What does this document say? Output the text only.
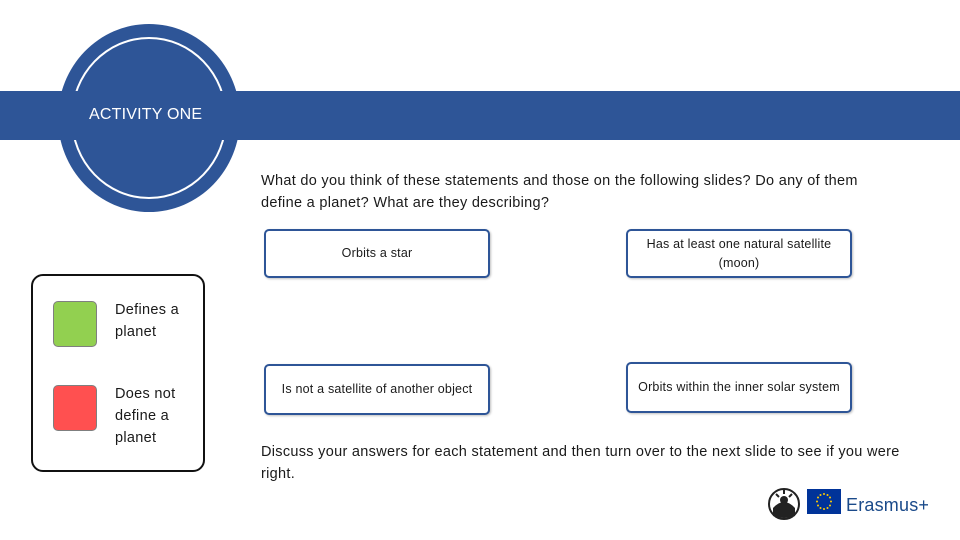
ACTIVITY ONE
What do you think of these statements and those on the following slides? Do any of them define a planet? What are they describing?
Orbits a star
Has at least one natural satellite (moon)
Is not a satellite of another object	Orbits within the inner solar system
Defines a planet
Does not define a planet
Discuss your answers for each statement and then turn over to the next slide to see if you were right.
Erasmus+
